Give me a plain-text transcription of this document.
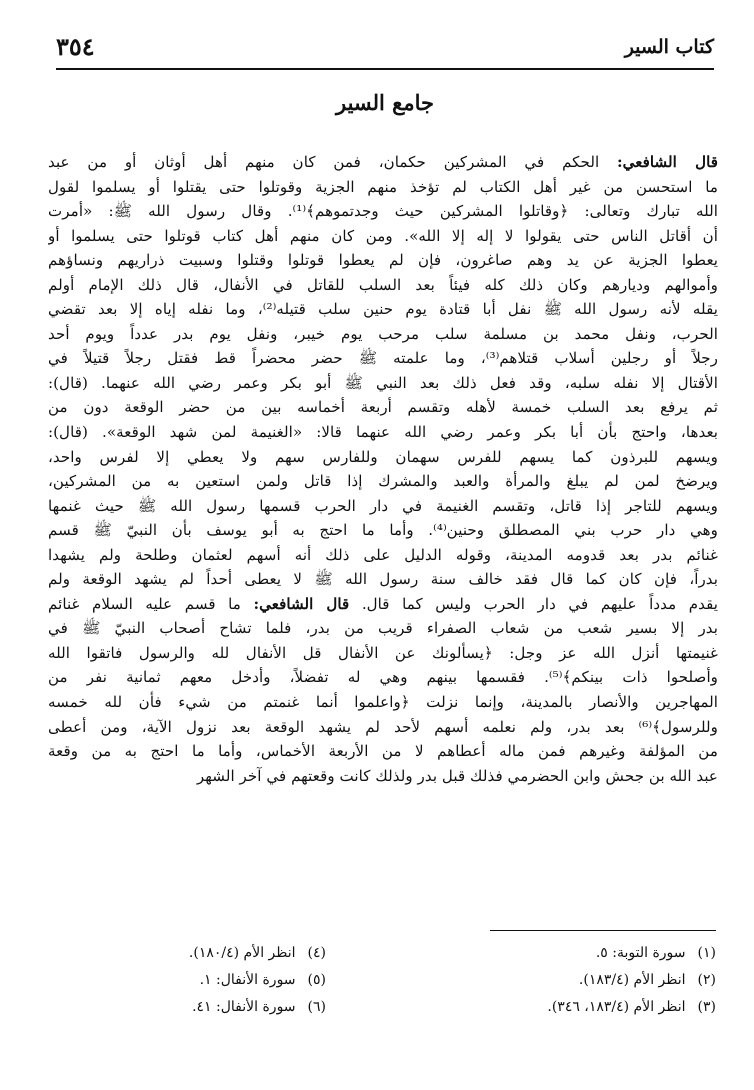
كتاب السير
٣٥٤
جامع السير
قال الشافعي: الحكم في المشركين حكمان، فمن كان منهم أهل أوثان أو من عبد
ما استحسن من غير أهل الكتاب لم تؤخذ منهم الجزية وقوتلوا حتى يقتلوا أو يسلموا لقول
الله تبارك وتعالى: ﴿وقاتلوا المشركين حيث وجدتموهم﴾⁽¹⁾. وقال رسول الله ﷺ: «أمرت
أن أقاتل الناس حتى يقولوا لا إله إلا الله». ومن كان منهم أهل كتاب قوتلوا حتى يسلموا أو
يعطوا الجزية عن يد وهم صاغرون، فإن لم يعطوا قوتلوا وقتلوا وسبيت ذراريهم ونساؤهم
وأموالهم وديارهم وكان ذلك كله فيئاً بعد السلب للقاتل في الأنفال، قال ذلك الإمام أولم
يقله لأنه رسول الله ﷺ نفل أبا قتادة يوم حنين سلب قتيله⁽²⁾، وما نفله إياه إلا بعد تقضي
الحرب، ونفل محمد بن مسلمة سلب مرحب يوم خيبر، ونفل يوم بدر عدداً ويوم أحد
رجلاً أو رجلين أسلاب قتلاهم⁽³⁾، وما علمته ﷺ حضر محضراً قط فقتل رجلاً قتيلاً في
الأقتال إلا نفله سلبه، وقد فعل ذلك بعد النبي ﷺ أبو بكر وعمر رضي الله عنهما. (قال):
ثم يرفع بعد السلب خمسة لأهله وتقسم أربعة أخماسه بين من حضر الوقعة دون من
بعدها، واحتج بأن أبا بكر وعمر رضي الله عنهما قالا: «الغنيمة لمن شهد الوقعة». (قال):
ويسهم للبرذون كما يسهم للفرس سهمان وللفارس سهم ولا يعطي إلا لفرس واحد،
ويرضخ لمن لم يبلغ والمرأة والعبد والمشرك إذا قاتل ولمن استعين به من المشركين،
ويسهم للتاجر إذا قاتل، وتقسم الغنيمة في دار الحرب قسمها رسول الله ﷺ حيث غنمها
وهي دار حرب بني المصطلق وحنين⁽⁴⁾. وأما ما احتج به أبو يوسف بأن النبيّ ﷺ قسم
غنائم بدر بعد قدومه المدينة، وقوله الدليل على ذلك أنه أسهم لعثمان وطلحة ولم يشهدا
بدراً، فإن كان كما قال فقد خالف سنة رسول الله ﷺ لا يعطى أحداً لم يشهد الوقعة ولم
يقدم مدداً عليهم في دار الحرب وليس كما قال. قال الشافعي: ما قسم عليه السلام غنائم
بدر إلا بسير شعب من شعاب الصفراء قريب من بدر، فلما تشاح أصحاب النبيّ ﷺ في
غنيمتها أنزل الله عز وجل: ﴿يسألونك عن الأنفال قل الأنفال لله والرسول فاتقوا الله
وأصلحوا ذات بينكم﴾⁽⁵⁾. فقسمها بينهم وهي له تفضلاً، وأدخل معهم ثمانية نفر من
المهاجرين والأنصار بالمدينة، وإنما نزلت ﴿واعلموا أنما غنمتم من شيء فأن لله خمسه
وللرسول﴾⁽⁶⁾ بعد بدر، ولم نعلمه أسهم لأحد لم يشهد الوقعة بعد نزول الآية، ومن أعطى
من المؤلفة وغيرهم فمن ماله أعطاهم لا من الأربعة الأخماس، وأما ما احتج به من وقعة
عبد الله بن جحش وابن الحضرمي فذلك قبل بدر ولذلك كانت وقعتهم في آخر الشهر
(١)سورة التوبة: ٥.
(٢)انظر الأم (١٨٣/٤).
(٣)انظر الأم (١٨٣/٤، ٣٤٦).
(٤)انظر الأم (١٨٠/٤).
(٥)سورة الأنفال: ١.
(٦)سورة الأنفال: ٤١.
